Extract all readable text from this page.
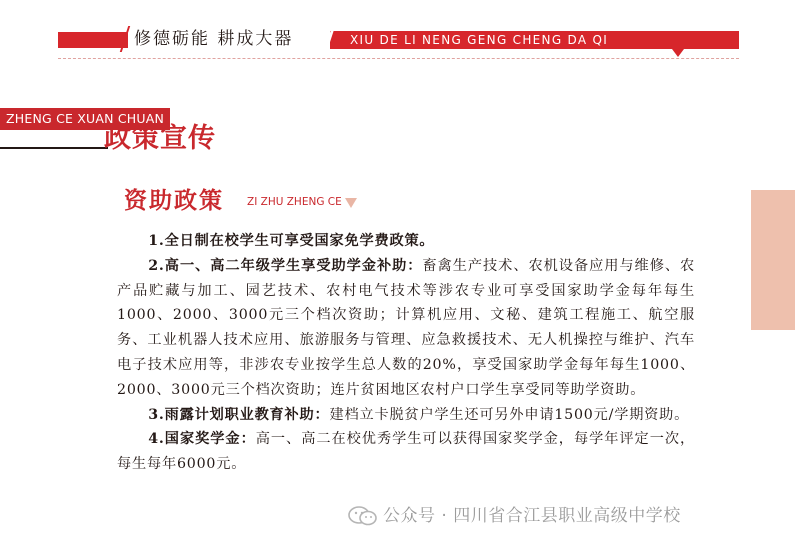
修德砺能 耕成大器	XIU DE LI NENG GENG CHENG DA QI
ZHENG CE XUAN CHUAN
政策宣传
资助政策 ZI ZHU ZHENG CE

1.全日制在校学生可享受国家免学费政策。

2.高一、高二年级学生享受助学金补助：畜禽生产技术、农机设备应用与维修、农产品贮藏与加工、园艺技术、农村电气技术等涉农专业可享受国家助学金每年每生1000、2000、3000元三个档次资助；计算机应用、文秘、建筑工程施工、航空服务、工业机器人技术应用、旅游服务与管理、应急救援技术、无人机操控与维护、汽车电子技术应用等，非涉农专业按学生总人数的20%，享受国家助学金每年每生1000、2000、3000元三个档次资助；连片贫困地区农村户口学生享受同等助学资助。

3.雨露计划职业教育补助：建档立卡脱贫户学生还可另外申请1500元/学期资助。

4.国家奖学金：高一、高二在校优秀学生可以获得国家奖学金，每学年评定一次，每生每年6000元。

公众号 · 四川省合江县职业高级中学校
